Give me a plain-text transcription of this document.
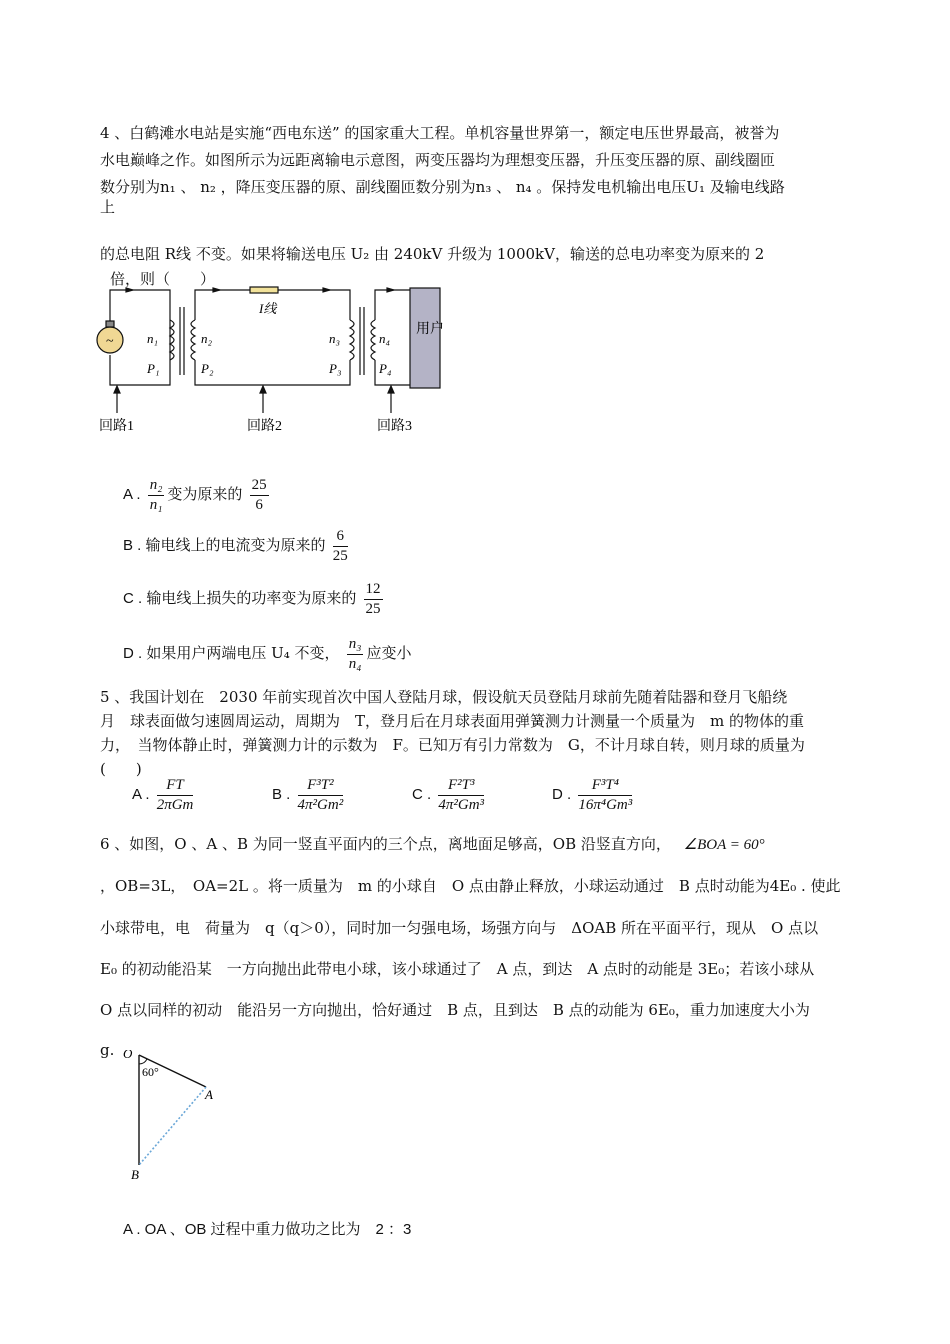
4 、白鹤滩水电站是实施“西电东送” 的国家重大工程。单机容量世界第一，额定电压世界最高，被誉为
水电巅峰之作。如图所示为远距离输电示意图，两变压器均为理想变压器，升压变压器的原、副线圈匝
数分别为n₁ 、 n₂ ，降压变压器的原、副线圈匝数分别为n₃ 、 n₄ 。保持发电机输出电压U₁ 及输电线路
上
的总电阻 R线 不变。如果将输送电压 U₂ 由 240kV 升级为 1000kV，输送的总电功率变为原来的 2
倍，则（　　）
~
I线
n₁	n₂	n₃	n₄
P₁	P₂	P₃	P₄
用户
回路1	回路2	回路3
A . $\frac{\text{n₂}}{\text{n₁}}$ 变为原来的 $\frac{25}{6}$
B . 输电线上的电流变为原来的 $\frac{6}{25}$
C . 输电线上损失的功率变为原来的 $\frac{12}{25}$
D . 如果用户两端电压 U₄ 不变， $\frac{\text{n₃}}{\text{n₄}}$ 应变小
5 、我国计划在　2030 年前实现首次中国人登陆月球，假设航天员登陆月球前先随着陆器和登月飞船绕
月　球表面做匀速圆周运动，周期为　T，登月后在月球表面用弹簧测力计测量一个质量为　m 的物体的重
力，　当物体静止时，弹簧测力计的示数为　F。已知万有引力常数为　G，不计月球自转，则月球的质量为
(　　)
A . $\frac{FT}{\text{2πGm}}$	B . $\frac{\text{F³T²}}{\text{4π²Gm²}}$	C . $\frac{\text{F²T³}}{\text{4π²Gm³}}$	D . $\frac{\text{F³T⁴}}{\text{16π⁴Gm³}}$
6 、如图，O 、A 、B 为同一竖直平面内的三个点，离地面足够高，OB 沿竖直方向， ∠BOA = 60°
，OB=3L，　OA=2L 。将一质量为　m 的小球自　O 点由静止释放，小球运动通过　B 点时动能为4E₀ . 使此
小球带电，电　荷量为　q（q＞0），同时加一匀强电场，场强方向与　ΔOAB 所在平面平行，现从　O 点以
E₀ 的初动能沿某　一方向抛出此带电小球，该小球通过了　A 点，到达　A 点时的动能是 3E₀；若该小球从
O 点以同样的初动　能沿另一方向抛出，恰好通过　B 点，且到达　B 点的动能为 6E₀，重力加速度大小为
g. O
60°
A
B
A . OA 、OB 过程中重力做功之比为　2 ：3
